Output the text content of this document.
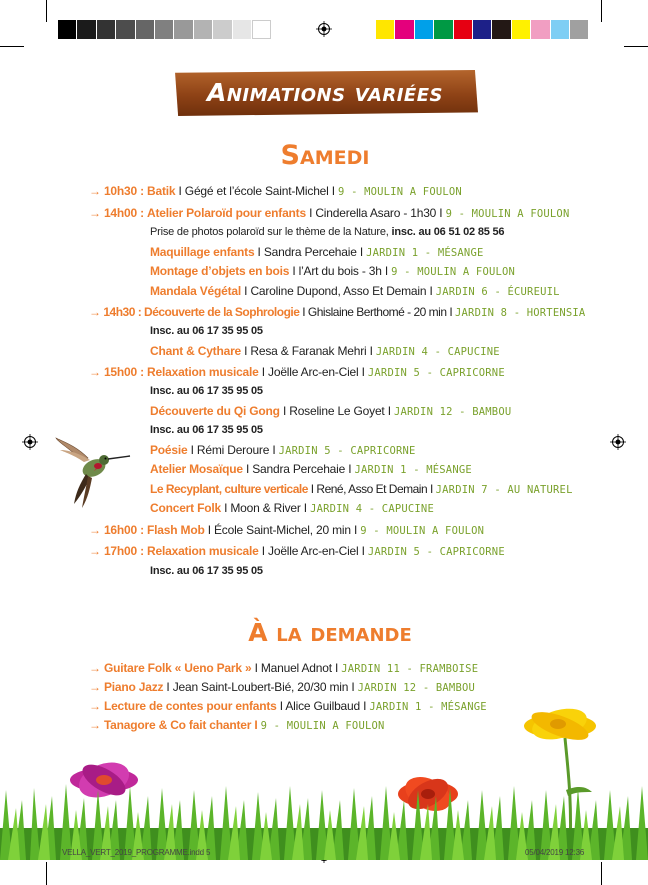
Animations variées
Samedi
→ 10h30 : Batik I Gégé et l’école Saint-Michel I 9 - MOULIN A FOULON
→ 14h00 : Atelier Polaroïd pour enfants I Cinderella Asaro - 1h30 I 9 - MOULIN A FOULON
Prise de photos polaroïd sur le thème de la Nature, insc. au 06 51 02 85 56
Maquillage enfants I Sandra Percehaie I JARDIN 1 - MÉSANGE
Montage d’objets en bois I l’Art du bois - 3h I 9 - MOULIN A FOULON
Mandala Végétal I Caroline Dupond, Asso Et Demain I JARDIN 6 - ÉCUREUIL
→ 14h30 : Découverte de la Sophrologie I Ghislaine Berthomé - 20 min I JARDIN 8 - HORTENSIA
Insc. au 06 17 35 95 05
Chant & Cythare I Resa & Faranak Mehri I JARDIN 4 - CAPUCINE
→ 15h00 : Relaxation musicale I Joëlle Arc-en-Ciel I JARDIN 5 - CAPRICORNE
Insc. au 06 17 35 95 05
Découverte du Qi Gong I Roseline Le Goyet I JARDIN 12 - BAMBOU
Insc. au 06 17 35 95 05
Poésie I Rémi Deroure I JARDIN 5 - CAPRICORNE
Atelier Mosaïque I Sandra Percehaie I JARDIN 1 - MÉSANGE
Le Recyplant, culture verticale I René, Asso Et Demain I JARDIN 7 - AU NATUREL
Concert Folk I Moon & River I JARDIN 4 - CAPUCINE
→ 16h00 : Flash Mob I École Saint-Michel, 20 min I 9 - MOULIN A FOULON
→ 17h00 : Relaxation musicale I Joëlle Arc-en-Ciel I JARDIN 5 - CAPRICORNE
Insc. au 06 17 35 95 05
À la demande
→ Guitare Folk « Ueno Park » I Manuel Adnot I JARDIN 11 - FRAMBOISE
→ Piano Jazz I Jean Saint-Loubert-Bié, 20/30 min I JARDIN 12 - BAMBOU
→ Lecture de contes pour enfants I Alice Guilbaud I JARDIN 1 - MÉSANGE
→ Tanagore & Co fait chanter I 9 - MOULIN A FOULON
VELLA_VERT_2019_PROGRAMME.indd 5	05/04/2019 12:36
